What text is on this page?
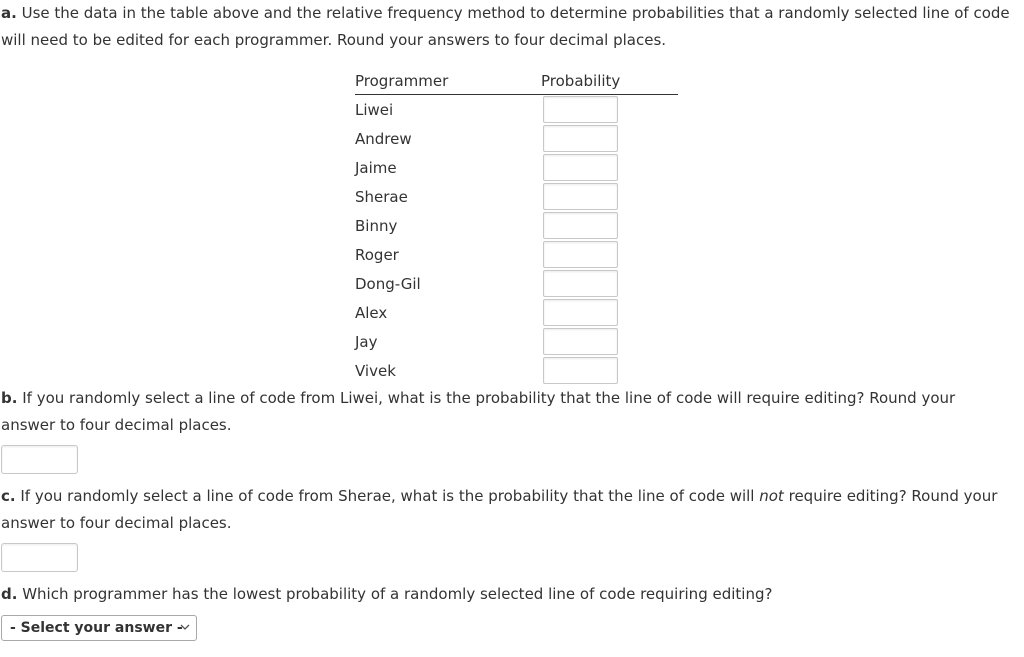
a. Use the data in the table above and the relative frequency method to determine probabilities that a randomly selected line of code will need to be edited for each programmer. Round your answers to four decimal places.

Programmer	Probability
Liwei
Andrew
Jaime
Sherae
Binny
Roger
Dong-Gil
Alex
Jay
Vivek

b. If you randomly select a line of code from Liwei, what is the probability that the line of code will require editing? Round your answer to four decimal places.

c. If you randomly select a line of code from Sherae, what is the probability that the line of code will not require editing? Round your answer to four decimal places.

d. Which programmer has the lowest probability of a randomly selected line of code requiring editing?

- Select your answer -
